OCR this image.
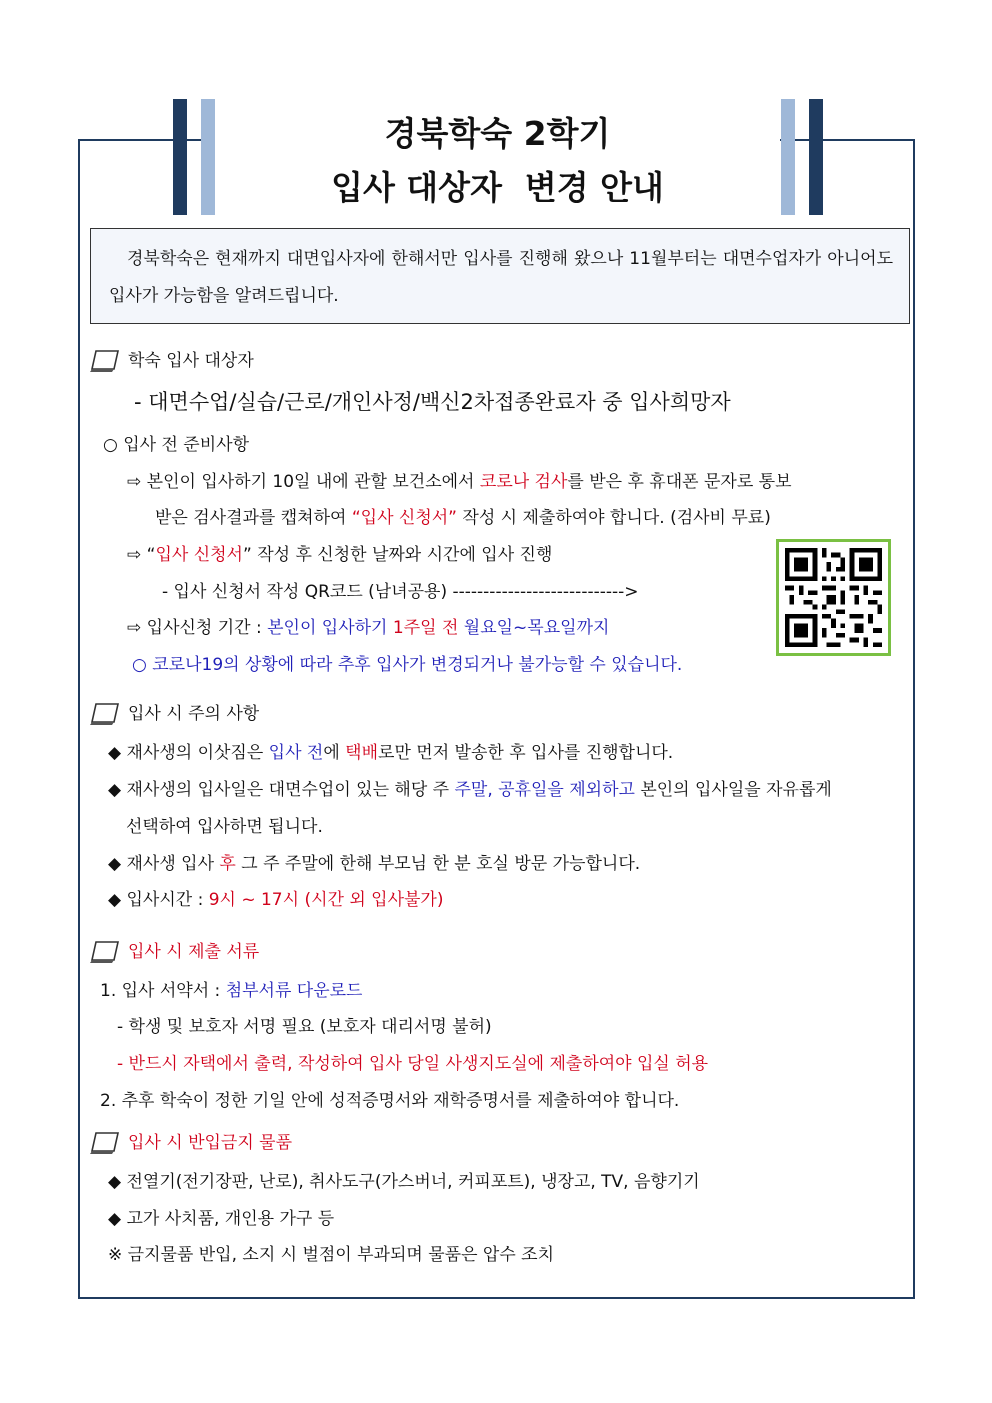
경북학숙 2학기
입사 대상자  변경 안내
경북학숙은 현재까지 대면입사자에 한해서만 입사를 진행해 왔으나 11월부터는 대면수업자가 아니어도 입사가 가능함을 알려드립니다.
학숙 입사 대상자
- 대면수업/실습/근로/개인사정/백신2차접종완료자 중 입사희망자
○ 입사 전 준비사항
⇨ 본인이 입사하기 10일 내에 관할 보건소에서 코로나 검사를 받은 후 휴대폰 문자로 통보
받은 검사결과를 캡쳐하여 “입사 신청서” 작성 시 제출하여야 합니다. (검사비 무료)
⇨ “입사 신청서” 작성 후 신청한 날짜와 시간에 입사 진행
- 입사 신청서 작성 QR코드 (남녀공용) ---------------------------->
⇨ 입사신청 기간 : 본인이 입사하기 1주일 전 월요일~목요일까지
○ 코로나19의 상황에 따라 추후 입사가 변경되거나 불가능할 수 있습니다.
입사 시 주의 사항
◆ 재사생의 이삿짐은 입사 전에 택배로만 먼저 발송한 후 입사를 진행합니다.
◆ 재사생의 입사일은 대면수업이 있는 해당 주 주말, 공휴일을 제외하고 본인의 입사일을 자유롭게
선택하여 입사하면 됩니다.
◆ 재사생 입사 후 그 주 주말에 한해 부모님 한 분 호실 방문 가능합니다.
◆ 입사시간 : 9시 ~ 17시 (시간 외 입사불가)
입사 시 제출 서류
1. 입사 서약서 : 첨부서류 다운로드
- 학생 및 보호자 서명 필요 (보호자 대리서명 불허)
- 반드시 자택에서 출력, 작성하여 입사 당일 사생지도실에 제출하여야 입실 허용
2. 추후 학숙이 정한 기일 안에 성적증명서와 재학증명서를 제출하여야 합니다.
입사 시 반입금지 물품
◆ 전열기(전기장판, 난로), 취사도구(가스버너, 커피포트), 냉장고, TV, 음향기기
◆ 고가 사치품, 개인용 가구 등
※ 금지물품 반입, 소지 시 벌점이 부과되며 물품은 압수 조치
